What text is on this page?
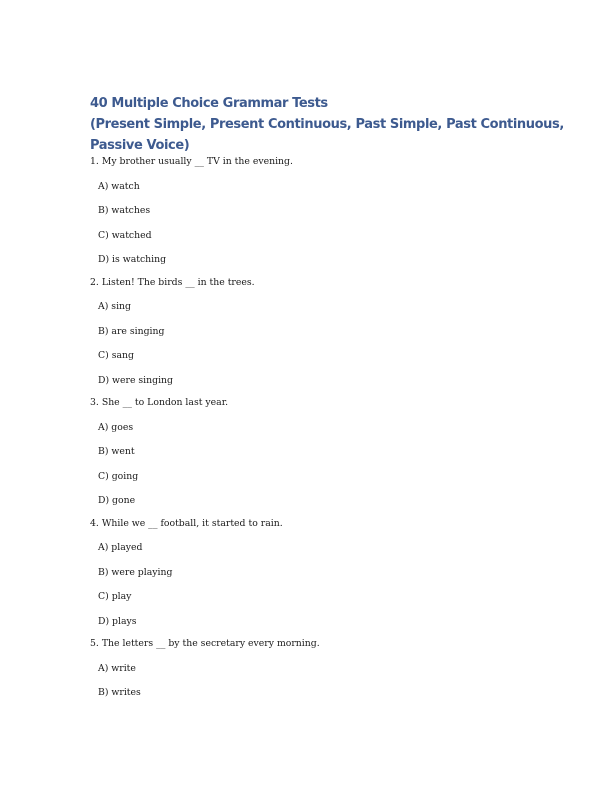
40 Multiple Choice Grammar Tests
(Present Simple, Present Continuous, Past Simple, Past Continuous,
Passive Voice)
1. My brother usually __ TV in the evening.
A) watch
B) watches
C) watched
D) is watching
2. Listen! The birds __ in the trees.
A) sing
B) are singing
C) sang
D) were singing
3. She __ to London last year.
A) goes
B) went
C) going
D) gone
4. While we __ football, it started to rain.
A) played
B) were playing
C) play
D) plays
5. The letters __ by the secretary every morning.
A) write
B) writes
